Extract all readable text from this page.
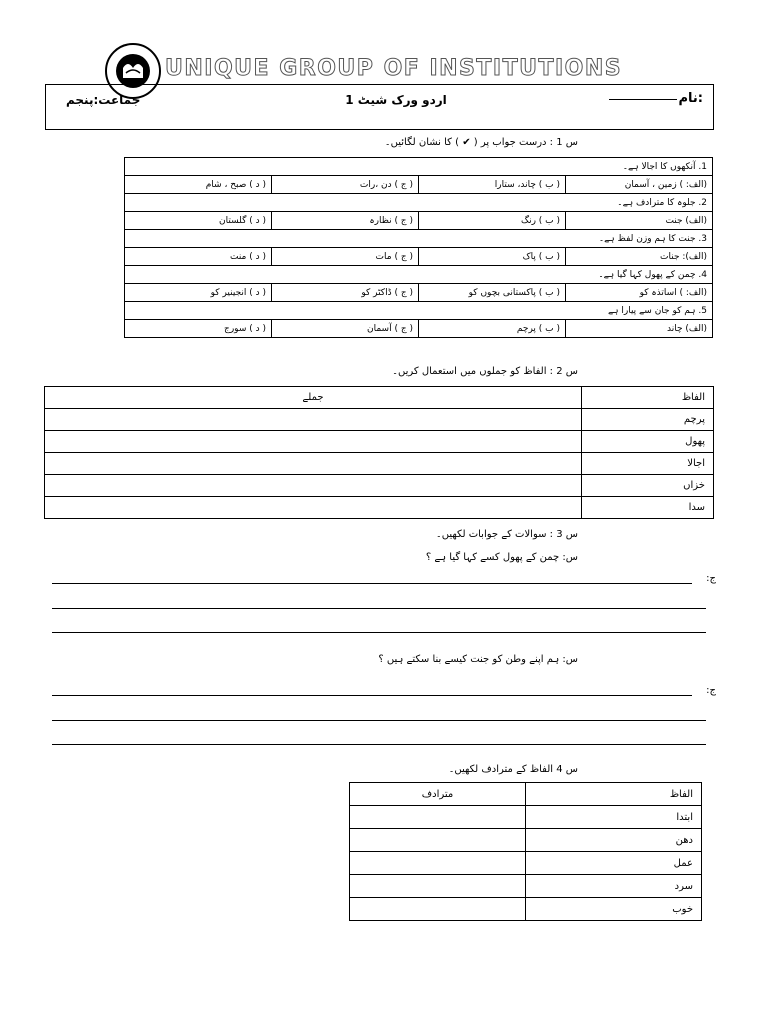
UNIQUE GROUP OF INSTITUTIONS
نام:
اردو ورک شیٹ 1
جماعت:پنجم
س 1 : درست جواب پر ( ✔ ) کا نشان لگائیں۔
1. آنکھوں کا اجالا ہے۔			
(الف: ) زمین ، آسمان	( ب ) چاند، ستارا	( ج ) دن ،رات	( د ) صبح ، شام
2. جلوہ کا مترادف ہے۔			
(الف) جنت	( ب ) رنگ	( ج ) نظارہ	( د ) گلستان
3. جنت کا ہم وزن لفظ ہے۔			
(الف): جنات	( ب ) پاک	( ج ) مات	( د ) منت
4. چمن کے پھول کہا گیا ہے۔			
(الف: ) اساتذہ کو	( ب ) پاکستانی بچوں کو	( ج ) ڈاکٹر کو	( د ) انجینیر کو
5. ہم کو جان سے پیارا ہے			
(الف) چاند	( ب ) پرچم	( ج ) آسمان	( د ) سورج
س 2 : الفاظ کو جملوں میں استعمال کریں۔
الفاظ	جملے
پرچم	
پھول	
اجالا	
خزاں	
سدا	
س 3 : سوالات کے جوابات لکھیں۔
س: چمن کے پھول کسے کہا گیا ہے ؟
ج:
س: ہم اپنے وطن کو جنت کیسے بنا سکتے ہیں ؟
ج:
س 4 الفاظ کے مترادف لکھیں۔
الفاظ	مترادف
ابتدا	
دھن	
عمل	
سرد	
خوب	
